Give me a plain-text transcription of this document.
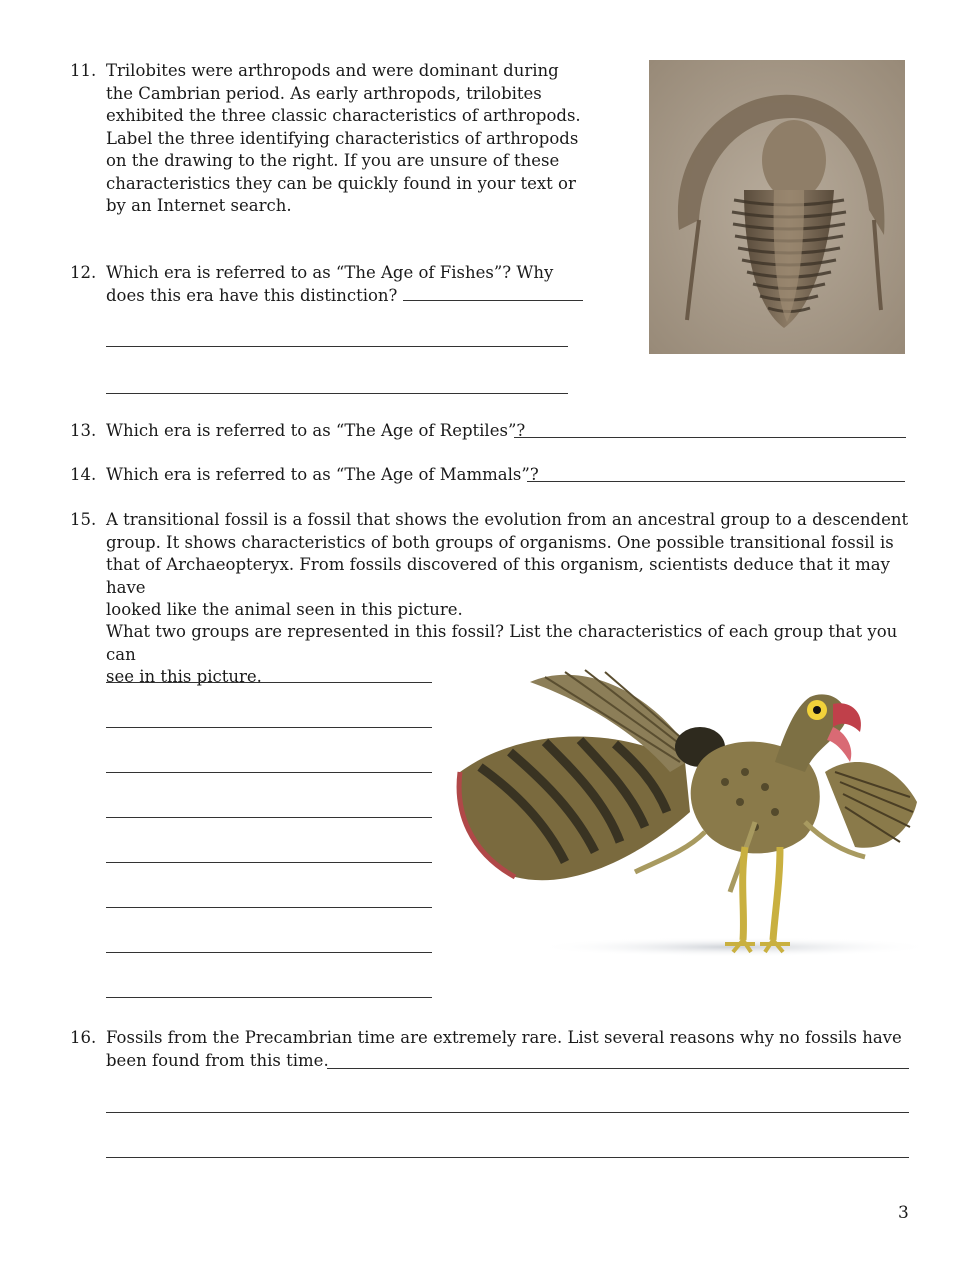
11. Trilobites were arthropods and were dominant during
the Cambrian period. As early arthropods, trilobites
exhibited the three classic characteristics of arthropods.
Label the three identifying characteristics of arthropods
on the drawing to the right. If you are unsure of these
characteristics they can be quickly found in your text or
by an Internet search.
12. Which era is referred to as “The Age of Fishes”? Why
does this era have this distinction?
13. Which era is referred to as “The Age of Reptiles”?
14. Which era is referred to as “The Age of Mammals”?
15. A transitional fossil is a fossil that shows the evolution from an ancestral group to a descendent
group. It shows characteristics of both groups of organisms. One possible transitional fossil is
that of Archaeopteryx. From fossils discovered of this organism, scientists deduce that it may have
looked like the animal seen in this picture.
What two groups are represented in this fossil? List the characteristics of each group that you can
see in this picture.
16. Fossils from the Precambrian time are extremely rare. List several reasons why no fossils have
been found from this time.
3
